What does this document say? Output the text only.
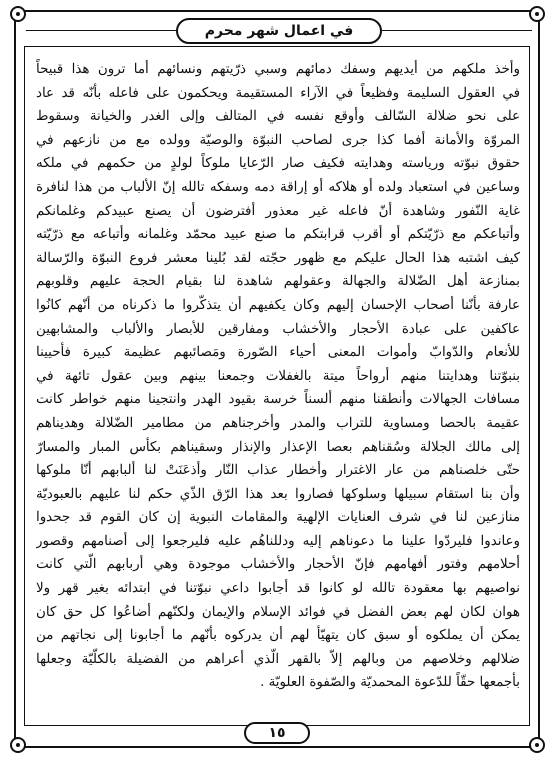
في اعمال شهر محرم
وأخذ ملكهم من أيديهم وسفك دمائهم وسبي ذرّيتهم ونسائهم أما ترون هذا قبيحاً
في العقول السليمة وفظيعاً في الآراء المستقيمة ويحكمون على فاعله بأنّه قد عاد
على نحو ضلالة السّالف وأوقع نفسه في المتالف وإلى الغدر والخيانة وسقوط
المروّة والأمانة أفما كذا جرى لصاحب النبوّة والوصيّة وولده مع من نازعهم في
حقوق نبوّته ورياسته وهدايته فكيف صار الرّعايا ملوكاً لولدٍ من حكمهم في ملكه
وساعين في استعباد ولده أو هلاكه أو إراقة دمه وسفكه تالله إنّ الألباب من هذا لنافرة
غاية النّفور وشاهدة أنّ فاعله غير معذور أفترضون أن يصنع عبيدكم وغلمانكم
وأتباعكم مع ذرّيّتكم أو أقرب قرابتكم ما صنع عبيد محمّد وغلمانه وأتباعه مع ذرّيّته
كيف اشتبه هذا الحال عليكم مع ظهور حجّته لقد بُلينا معشر فروع النبوّة والرّسالة
بمنازعة أهل الضّلالة والجهالة وعقولهم شاهدة لنا بقيام الحجة عليهم وقلوبهم
عارفة بأنّنا أصحاب الإحسان إليهم وكان يكفيهم أن يتذكّروا ما ذكرناه من أنّهم كانُوا
عاكفين على عبادة الأحجار والأخشاب ومفارقين للأبصار والألباب والمشابهين
للأنعام والدّوابّ وأموات المعنى أحياء الصّورة ومَصائبهم عظيمة كبيرة فأحيينا
بنبوّتنا وهدايتنا منهم أرواحاً ميتة بالغفلات وجمعنا بينهم وبين عقول تائهة في
مسافات الجهالات وأنطقنا منهم ألسناً خرسة بقيود الهدر وانتجينا منهم خواطر كانت
عقيمة بالحصا ومساوية للتراب والمدر وأخرجناهم من مطامير الضّلالة وهديناهم
إلى مالك الجلالة وسُقناهم بعصا الإعذار والإنذار وسقيناهم بكأس المبار والمسارّ
حتّى خلصناهم من عار الاغترار وأخطار عذاب النّار وأذعَنَتْ لنا ألبابهم أنّا ملوكها
وأن بنا استقام سبيلها وسلوكها فصاروا بعد هذا الرّق الذّي حكم لنا عليهم بالعبوديّة
منازعين لنا في شرف العنايات الإلهية والمقامات النبوية إن كان القوم قد جحدوا
وعاندوا فليردّوا علينا ما دعوناهم إليه ودللناهُم عليه فليرجعوا إلى أصنامهم وقصور
أحلامهم وفتور أفهامهم فإنّ الأحجار والأخشاب موجودة وهي أربابهم الّتي كانت
نواصيهم بها معقودة تالله لو كانوا قد أجابوا داعي نبوّتنا في ابتدائه بغير قهر ولا
هوان لكان لهم بعض الفضل في فوائد الإسلام والإيمان ولكنّهم أضاعُوا كل حق كان
يمكن أن يملكوه أو سبق كان يتهيّأ لهم أن يدركوه بأنّهم ما أجابونا إلى نجاتهم من
ضلالهم وخلاصهم من وبالهم إلاّ بالقهر الّذي أعراهم من الفضيلة بالكلّيّة وجعلها
بأجمعها حقّاً للدّعوة المحمديّة والصّفوة العلويّة .
١٥
